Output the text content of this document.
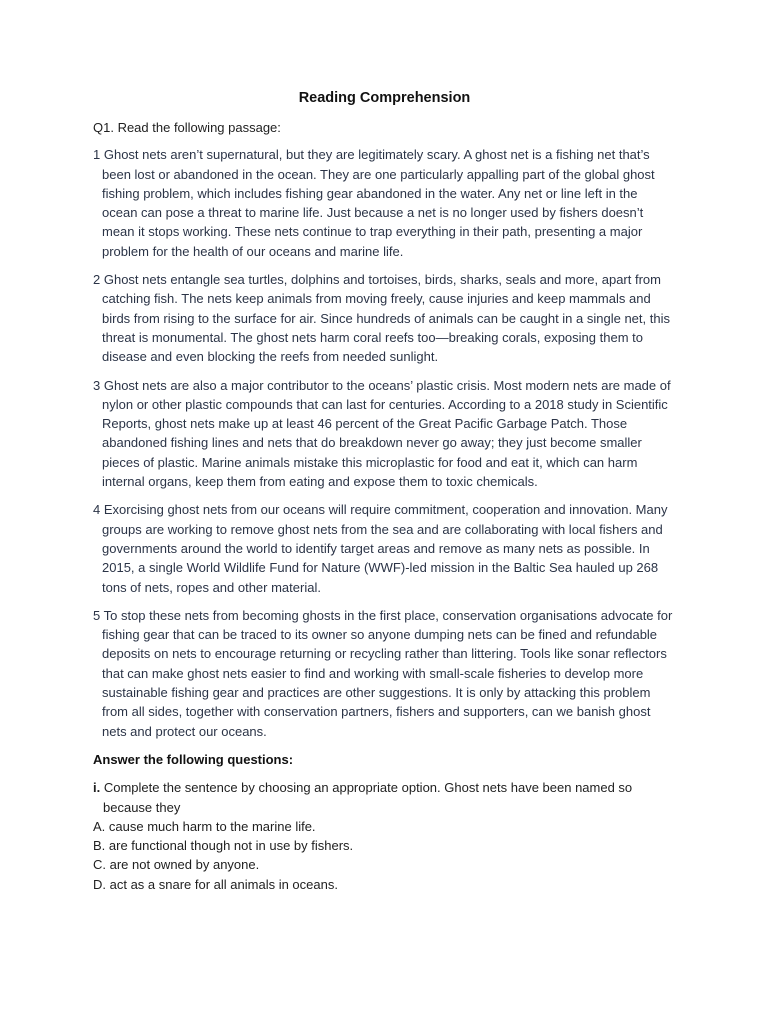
Reading Comprehension
Q1. Read the following passage:
1 Ghost nets aren’t supernatural, but they are legitimately scary. A ghost net is a fishing net that’s been lost or abandoned in the ocean. They are one particularly appalling part of the global ghost fishing problem, which includes fishing gear abandoned in the water. Any net or line left in the ocean can pose a threat to marine life. Just because a net is no longer used by fishers doesn’t mean it stops working. These nets continue to trap everything in their path, presenting a major problem for the health of our oceans and marine life.
2 Ghost nets entangle sea turtles, dolphins and tortoises, birds, sharks, seals and more, apart from catching fish. The nets keep animals from moving freely, cause injuries and keep mammals and birds from rising to the surface for air. Since hundreds of animals can be caught in a single net, this threat is monumental. The ghost nets harm coral reefs too—breaking corals, exposing them to disease and even blocking the reefs from needed sunlight.
3 Ghost nets are also a major contributor to the oceans’ plastic crisis. Most modern nets are made of nylon or other plastic compounds that can last for centuries. According to a 2018 study in Scientific Reports, ghost nets make up at least 46 percent of the Great Pacific Garbage Patch. Those abandoned fishing lines and nets that do breakdown never go away; they just become smaller pieces of plastic. Marine animals mistake this microplastic for food and eat it, which can harm internal organs, keep them from eating and expose them to toxic chemicals.
4 Exorcising ghost nets from our oceans will require commitment, cooperation and innovation. Many groups are working to remove ghost nets from the sea and are collaborating with local fishers and governments around the world to identify target areas and remove as many nets as possible. In 2015, a single World Wildlife Fund for Nature (WWF)-led mission in the Baltic Sea hauled up 268 tons of nets, ropes and other material.
5 To stop these nets from becoming ghosts in the first place, conservation organisations advocate for fishing gear that can be traced to its owner so anyone dumping nets can be fined and refundable deposits on nets to encourage returning or recycling rather than littering. Tools like sonar reflectors that can make ghost nets easier to find and working with small-scale fisheries to develop more sustainable fishing gear and practices are other suggestions. It is only by attacking this problem from all sides, together with conservation partners, fishers and supporters, can we banish ghost nets and protect our oceans.
Answer the following questions:
i. Complete the sentence by choosing an appropriate option. Ghost nets have been named so because they
A. cause much harm to the marine life.
B. are functional though not in use by fishers.
C. are not owned by anyone.
D. act as a snare for all animals in oceans.
